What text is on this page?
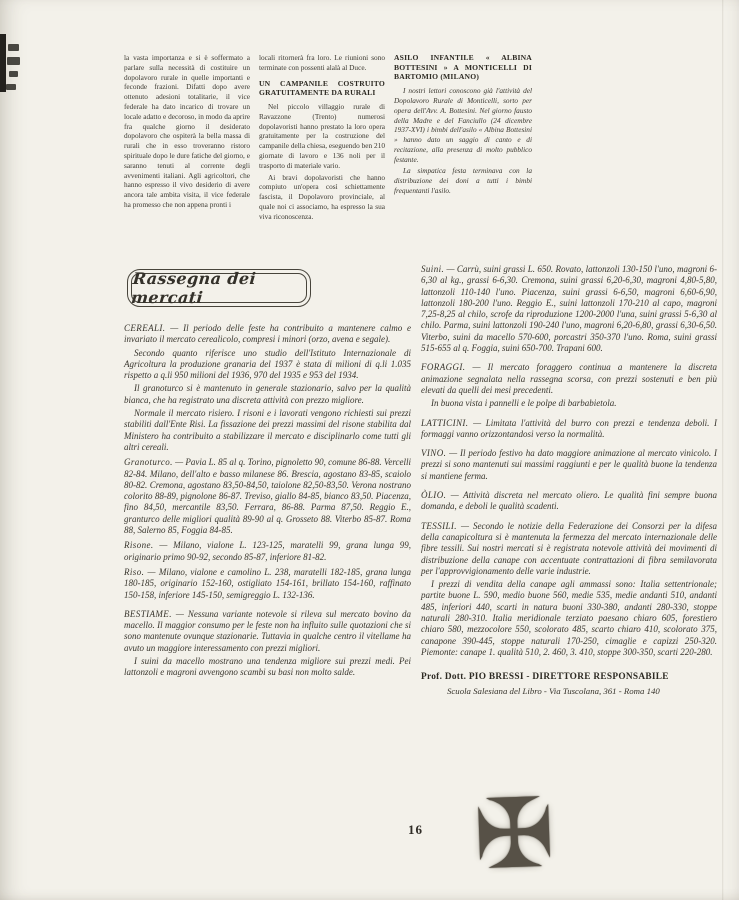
la vasta importanza e si è soffermato a parlare sulla necessità di costituire un dopolavoro rurale in quelle importanti e feconde frazioni. Difatti dopo avere ottenuto adesioni totalitarie, il vice federale ha dato incarico di trovare un locale adatto e decoroso, in modo da aprire fra qualche giorno il desiderato dopolavoro che ospiterà la bella massa di rurali che in esso troveranno ristoro spirituale dopo le dure fatiche del giorno, e saranno tenuti al corrente degli avvenimenti italiani. Agli agricoltori, che hanno espresso il vivo desiderio di avere ancora tale ambita visita, il vice federale ha promesso che non appena pronti i

locali ritornerà fra loro. Le riunioni sono terminate con possenti alalà al Duce.

UN CAMPANILE COSTRUITO GRATUITAMENTE DA RURALI

Nel piccolo villaggio rurale di Ravazzone (Trento) numerosi dopolavoristi hanno prestato la loro opera gratuitamente per la costruzione del campanile della chiesa, eseguendo ben 210 giornate di lavoro e 136 noli per il trasporto di materiale vario.

Ai bravi dopolavoristi che hanno compiuto un'opera così schiettamente fascista, il Dopolavoro provinciale, al quale noi ci associamo, ha espresso la sua viva riconoscenza.

ASILO INFANTILE « ALBINA BOTTESINI » A MONTICELLI DI BARTOMIO (MILANO)

I nostri lettori conoscono già l'attività del Dopolavoro Rurale di Monticelli, sorto per opera dell'Avv. A. Bottesini. Nel giorno fausto della Madre e del Fanciullo (24 dicembre 1937-XVI) i bimbi dell'asilo « Albina Bottesini » hanno dato un saggio di canto e di recitazione, alla presenza di molto pubblico festante.

La simpatica festa terminava con la distribuzione dei doni a tutti i bimbi frequentanti l'asilo.

Rassegna dei mercati

CEREALI. — Il periodo delle feste ha contribuito a mantenere calmo e invariato il mercato cerealicolo, compresi i minori (orzo, avena e segale).

Secondo quanto riferisce uno studio dell'Istituto Internazionale di Agricoltura la produzione granaria del 1937 è stata di milioni di q.li 1.035 rispetto a q.li 950 milioni del 1936, 970 del 1935 e 953 del 1934.

Il granoturco si è mantenuto in generale stazionario, salvo per la qualità bianca, che ha registrato una discreta attività con prezzo migliore.

Normale il mercato risiero. I risoni e i lavorati vengono richiesti sui prezzi stabiliti dall'Ente Risi. La fissazione dei prezzi massimi del risone stabilita dal Ministero ha contribuito a stabilizzare il mercato e disciplinarlo come tutti gli altri cereali.

Granoturco. — Pavia L. 85 al q. Torino, pignoletto 90, comune 86-88. Vercelli 82-84. Milano, dell'alto e basso milanese 86. Brescia, agostano 83-85, scaiolo 80-82. Cremona, agostano 83,50-84,50, taiolone 82,50-83,50. Verona nostrano colorito 88-89, pignolone 86-87. Treviso, giallo 84-85, bianco 83,50. Piacenza, fino 84,50, mercantile 83,50. Ferrara, 86-88. Parma 87,50. Reggio E., granturco delle migliori qualità 89-90 al q. Grosseto 88. Viterbo 85-87. Roma 88, Salerno 85, Foggia 84-85.

Risone. — Milano, vialone L. 123-125, maratelli 99, grana lunga 99, originario primo 90-92, secondo 85-87, inferiore 81-82.

Riso. — Milano, vialone e camolino L. 238, maratelli 182-185, grana lunga 180-185, originario 152-160, ostigliato 154-161, brillato 154-160, raffinato 150-158, inferiore 145-150, semigreggio L. 132-136.

BESTIAME. — Nessuna variante notevole si rileva sul mercato bovino da macello. Il maggior consumo per le feste non ha influito sulle quotazioni che si sono mantenute ovunque stazionarie. Tuttavia in qualche centro il vitellame ha avuto un maggiore interessamento con prezzi migliori.

I suini da macello mostrano una tendenza migliore sui prezzi medi. Pei lattonzoli e magroni avvengono scambi su basi non molto salde.

Suini. — Carrù, suini grassi L. 650. Rovato, lattonzoli 130-150 l'uno, magroni 6-6,30 al kg., grassi 6-6,30. Cremona, suini grassi 6,20-6,30, magroni 4,80-5,80, lattonzoli 110-140 l'uno. Piacenza, suini grassi 6-6,50, magroni 6,60-6,90, lattonzoli 180-200 l'uno. Reggio E., suini lattonzoli 170-210 al capo, magroni 7,25-8,25 al chilo, scrofe da riproduzione 1200-2000 l'una, suini grassi 5-6,30 al chilo. Parma, suini lattonzoli 190-240 l'uno, magroni 6,20-6,80, grassi 6,30-6,50. Viterbo, suini da macello 570-600, porcastri 350-370 l'uno. Roma, suini grassi 515-655 al q. Foggia, suini 650-700. Trapani 600.

FORAGGI. — Il mercato foraggero continua a mantenere la discreta animazione segnalata nella rassegna scorsa, con prezzi sostenuti e ben più elevati da quelli dei mesi precedenti.

In buona vista i pannelli e le polpe di barbabietola.

LATTICINI. — Limitata l'attività del burro con prezzi e tendenza deboli. I formaggi vanno orizzontandosi verso la normalità.

VINO. — Il periodo festivo ha dato maggiore animazione al mercato vinicolo. I prezzi si sono mantenuti sui massimi raggiunti e per le qualità buone la tendenza si mantiene ferma.

ÒLIO. — Attività discreta nel mercato oliero. Le qualità fini sempre buona domanda, e deboli le qualità scadenti.

TESSILI. — Secondo le notizie della Federazione dei Consorzi per la difesa della canapicoltura si è mantenuta la fermezza del mercato internazionale delle fibre tessili. Sui nostri mercati si è registrata notevole attività dei movimenti di distribuzione della canape con accentuate contrattazioni di fibra semilavorata per l'approvvigionamento delle varie industrie.

I prezzi di vendita della canape agli ammassi sono: Italia settentrionale; partite buone L. 590, medio buone 560, medie 535, medie andanti 510, andanti 485, inferiori 440, scarti in natura buoni 330-380, andanti 280-330, stoppe naturali 280-310. Italia meridionale terziato paesano chiaro 605, forestiero chiaro 580, mezzocolore 550, scolorato 485, scarto chiaro 410, scolorato 375, canapone 390-445, stoppe naturali 170-250, cimaglie e capizzi 250-320. Piemonte: canape 1. qualità 510, 2. 460, 3. 410, stoppe 300-350, scarti 220-280.

Prof. Dott. PIO BRESSI - DIRETTORE RESPONSABILE

Scuola Salesiana del Libro - Via Tuscolana, 361 - Roma 140

16 ✠
